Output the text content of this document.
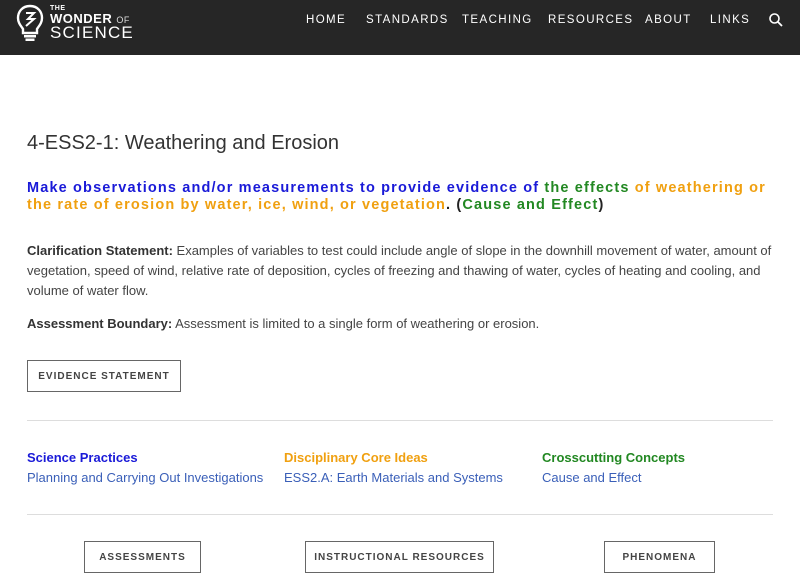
THE
WONDER OF
SCIENCE
HOME STANDARDS TEACHING RESOURCES ABOUT LINKS
4-ESS2-1: Weathering and Erosion
Make observations and/or measurements to provide evidence of the effects of weathering or the rate of erosion by water, ice, wind, or vegetation. (Cause and Effect)
Clarification Statement: Examples of variables to test could include angle of slope in the downhill movement of water, amount of vegetation, speed of wind, relative rate of deposition, cycles of freezing and thawing of water, cycles of heating and cooling, and volume of water flow.
Assessment Boundary: Assessment is limited to a single form of weathering or erosion.
EVIDENCE STATEMENT
Science Practices
Planning and Carrying Out Investigations
Disciplinary Core Ideas
ESS2.A: Earth Materials and Systems
Crosscutting Concepts
Cause and Effect
ASSESSMENTS	INSTRUCTIONAL RESOURCES	PHENOMENA
